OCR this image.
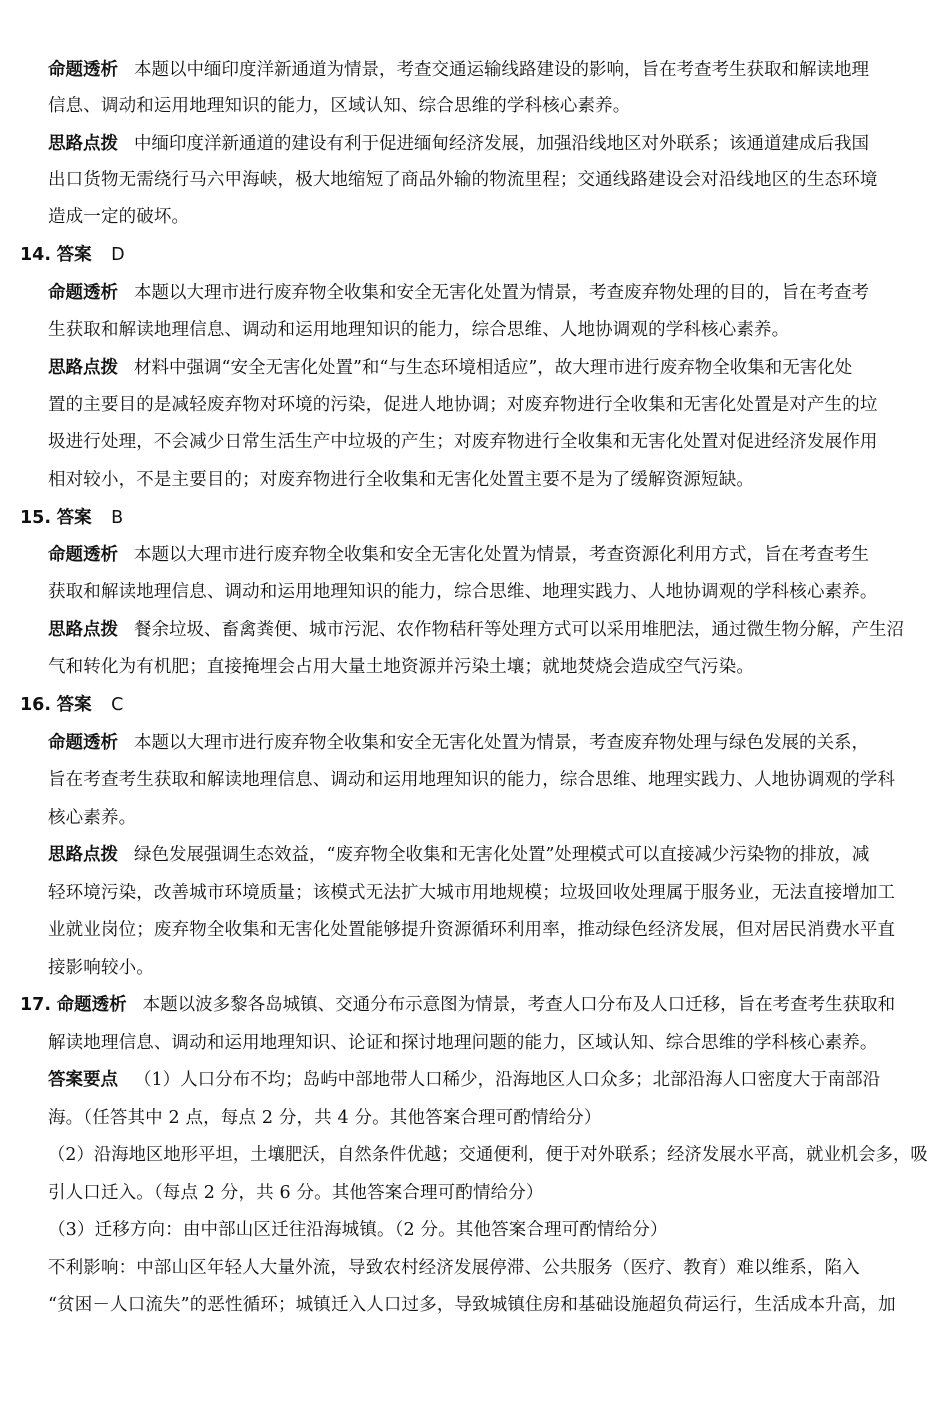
命题透析 本题以中缅印度洋新通道为情景，考查交通运输线路建设的影响，旨在考查考生获取和解读地理
信息、调动和运用地理知识的能力，区域认知、综合思维的学科核心素养。
思路点拨 中缅印度洋新通道的建设有利于促进缅甸经济发展，加强沿线地区对外联系；该通道建成后我国
出口货物无需绕行马六甲海峡，极大地缩短了商品外输的物流里程；交通线路建设会对沿线地区的生态环境
造成一定的破坏。
14. 答案 D
命题透析 本题以大理市进行废弃物全收集和安全无害化处置为情景，考查废弃物处理的目的，旨在考查考
生获取和解读地理信息、调动和运用地理知识的能力，综合思维、人地协调观的学科核心素养。
思路点拨 材料中强调“安全无害化处置”和“与生态环境相适应”，故大理市进行废弃物全收集和无害化处
置的主要目的是减轻废弃物对环境的污染，促进人地协调；对废弃物进行全收集和无害化处置是对产生的垃
圾进行处理，不会减少日常生活生产中垃圾的产生；对废弃物进行全收集和无害化处置对促进经济发展作用
相对较小，不是主要目的；对废弃物进行全收集和无害化处置主要不是为了缓解资源短缺。
15. 答案 B
命题透析 本题以大理市进行废弃物全收集和安全无害化处置为情景，考查资源化利用方式，旨在考查考生
获取和解读地理信息、调动和运用地理知识的能力，综合思维、地理实践力、人地协调观的学科核心素养。
思路点拨 餐余垃圾、畜禽粪便、城市污泥、农作物秸秆等处理方式可以采用堆肥法，通过微生物分解，产生沼
气和转化为有机肥；直接掩埋会占用大量土地资源并污染土壤；就地焚烧会造成空气污染。
16. 答案 C
命题透析 本题以大理市进行废弃物全收集和安全无害化处置为情景，考查废弃物处理与绿色发展的关系，
旨在考查考生获取和解读地理信息、调动和运用地理知识的能力，综合思维、地理实践力、人地协调观的学科
核心素养。
思路点拨 绿色发展强调生态效益，“废弃物全收集和无害化处置”处理模式可以直接减少污染物的排放，减
轻环境污染，改善城市环境质量；该模式无法扩大城市用地规模；垃圾回收处理属于服务业，无法直接增加工
业就业岗位；废弃物全收集和无害化处置能够提升资源循环利用率，推动绿色经济发展，但对居民消费水平直
接影响较小。
17. 命题透析 本题以波多黎各岛城镇、交通分布示意图为情景，考查人口分布及人口迁移，旨在考查考生获取和
解读地理信息、调动和运用地理知识、论证和探讨地理问题的能力，区域认知、综合思维的学科核心素养。
答案要点 （1）人口分布不均；岛屿中部地带人口稀少，沿海地区人口众多；北部沿海人口密度大于南部沿
海。（任答其中 2 点，每点 2 分，共 4 分。其他答案合理可酌情给分）
（2）沿海地区地形平坦，土壤肥沃，自然条件优越；交通便利，便于对外联系；经济发展水平高，就业机会多，吸
引人口迁入。（每点 2 分，共 6 分。其他答案合理可酌情给分）
（3）迁移方向：由中部山区迁往沿海城镇。（2 分。其他答案合理可酌情给分）
不利影响：中部山区年轻人大量外流，导致农村经济发展停滞、公共服务（医疗、教育）难以维系，陷入
“贫困－人口流失”的恶性循环；城镇迁入人口过多，导致城镇住房和基础设施超负荷运行，生活成本升高，加
